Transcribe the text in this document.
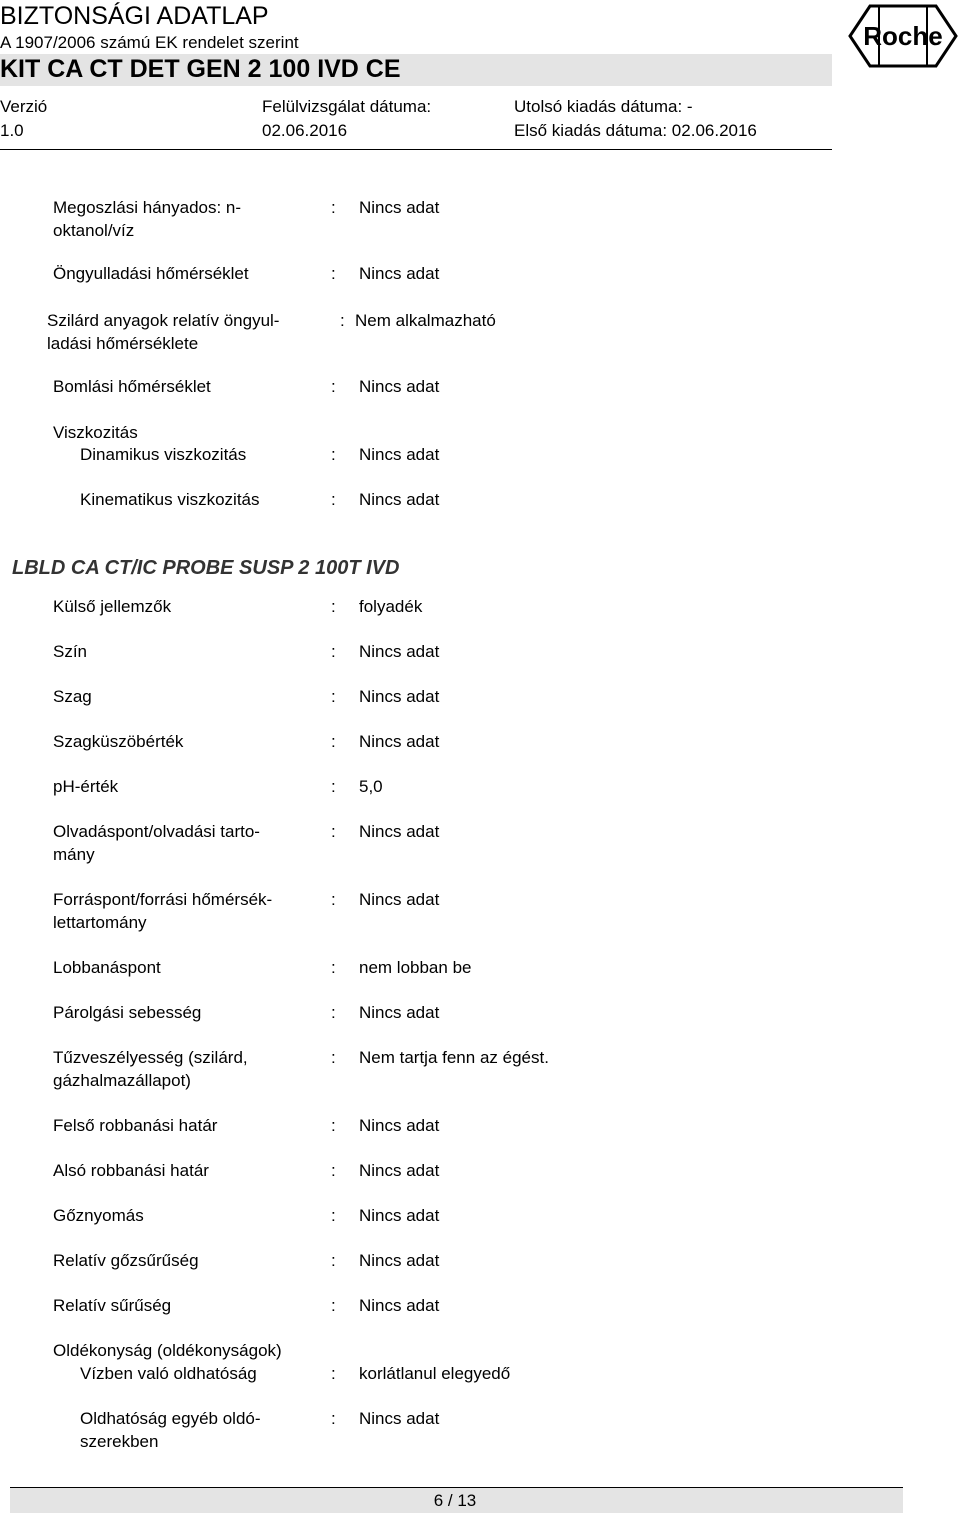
BIZTONSÁGI ADATLAP
A 1907/2006 számú EK rendelet szerint
KIT CA CT DET GEN 2 100 IVD CE
Roche
Verzió
1.0
Felülvizsgálat dátuma:
02.06.2016
Utolsó kiadás dátuma: -
Első kiadás dátuma: 02.06.2016
Megoszlási hányados: n-
oktanol/víz
: Nincs adat
Öngyulladási hőmérséklet	: Nincs adat
Szilárd anyagok relatív öngyul-
ladási hőmérséklete
: Nem alkalmazható
Bomlási hőmérséklet	: Nincs adat
Viszkozitás
Dinamikus viszkozitás	: Nincs adat
Kinematikus viszkozitás	: Nincs adat
LBLD CA CT/IC PROBE SUSP 2 100T IVD
Külső jellemzők	: folyadék
Szín	: Nincs adat
Szag	: Nincs adat
Szagküszöbérték	: Nincs adat
pH-érték	: 5,0
Olvadáspont/olvadási tarto-
mány
: Nincs adat
Forráspont/forrási hőmérsék-
lettartomány
: Nincs adat
Lobbanáspont	: nem lobban be
Párolgási sebesség	: Nincs adat
Tűzveszélyesség (szilárd,
gázhalmazállapot)
: Nem tartja fenn az égést.
Felső robbanási határ	: Nincs adat
Alsó robbanási határ	: Nincs adat
Gőznyomás	: Nincs adat
Relatív gőzsűrűség	: Nincs adat
Relatív sűrűség	: Nincs adat
Oldékonyság (oldékonyságok)
Vízben való oldhatóság	: korlátlanul elegyedő
Oldhatóság egyéb oldó-
szerekben
: Nincs adat
6 / 13
